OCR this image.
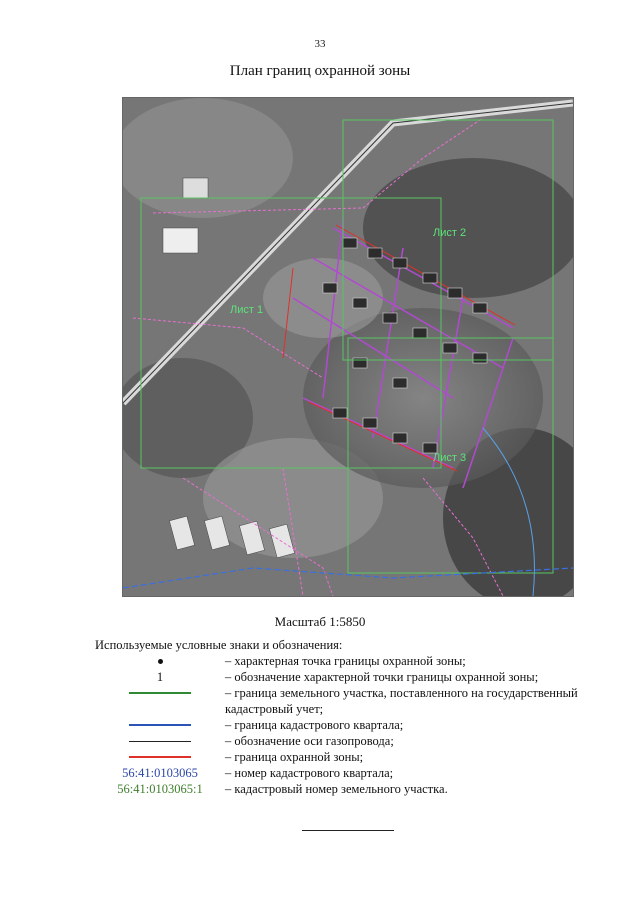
33
План границ охранной зоны
Лист 1
Лист 2
Лист 3
Масштаб 1:5850
Используемые условные знаки и обозначения:
– характерная точка границы охранной зоны;
1	– обозначение характерной точки границы охранной зоны;
– граница земельного участка, поставленного на государственный кадастровый учет;
– граница кадастрового квартала;
– обозначение оси газопровода;
– граница охранной зоны;
56:41:0103065	– номер кадастрового квартала;
56:41:0103065:1	– кадастровый номер земельного участка.
